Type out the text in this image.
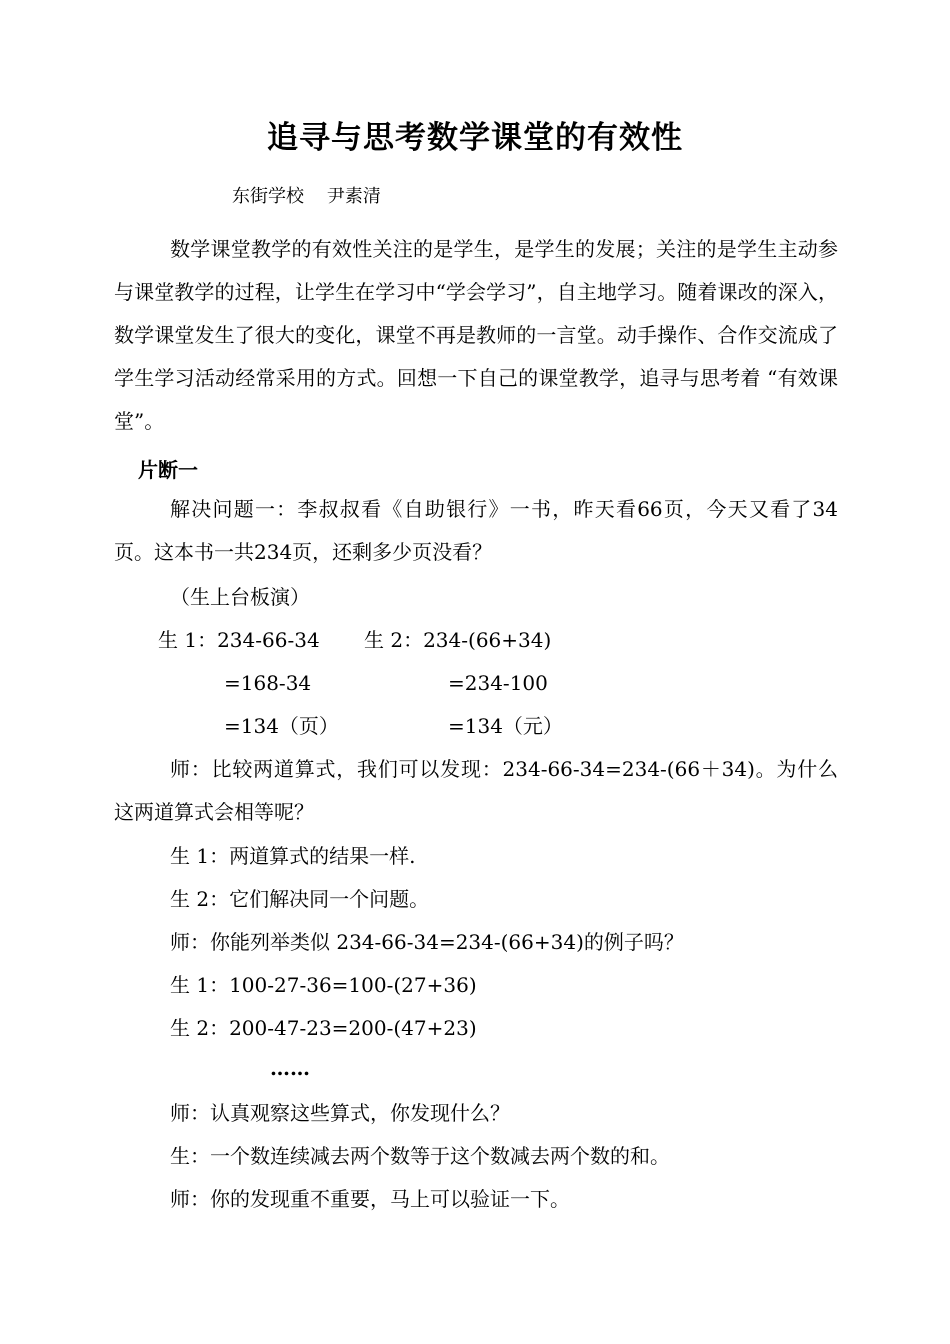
追寻与思考数学课堂的有效性
东街学校    尹素清
数学课堂教学的有效性关注的是学生，是学生的发展；关注的是学生主动参与课堂教学的过程，让学生在学习中“学会学习”，自主地学习。随着课改的深入，数学课堂发生了很大的变化，课堂不再是教师的一言堂。动手操作、合作交流成了学生学习活动经常采用的方式。回想一下自己的课堂教学，追寻与思考着 “有效课堂”。
片断一
解决问题一：李叔叔看《自助银行》一书，昨天看66页，今天又看了34页。这本书一共234页，还剩多少页没看？
（生上台板演）
生 1：234-66-34 生 2：234-(66+34)
=168-34	=234-100
=134（页）	=134（元）
师：比较两道算式，我们可以发现：234-66-34=234-(66＋34)。为什么这两道算式会相等呢？
生 1：两道算式的结果一样.
生 2：它们解决同一个问题。
师：你能列举类似 234-66-34=234-(66+34)的例子吗？
生 1：100-27-36=100-(27+36)
生 2：200-47-23=200-(47+23)
……
师：认真观察这些算式，你发现什么？
生：一个数连续减去两个数等于这个数减去两个数的和。
师：你的发现重不重要，马上可以验证一下。
